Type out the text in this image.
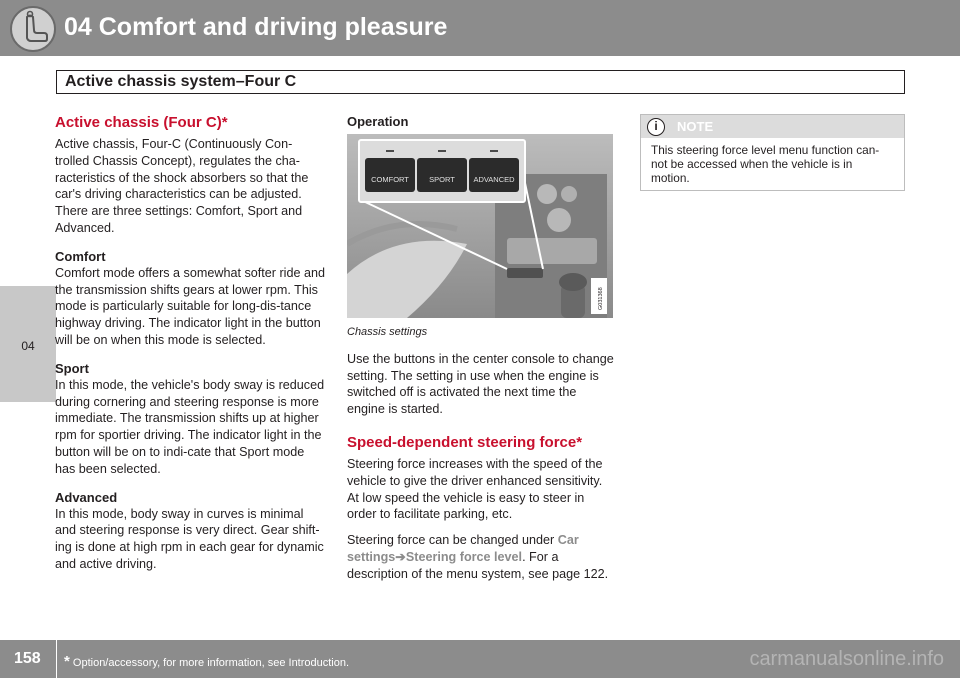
04 Comfort and driving pleasure
Active chassis system–Four C
04
Active chassis (Four C)*

Active chassis, Four-C (Continuously Con-trolled Chassis Concept), regulates the cha-racteristics of the shock absorbers so that the car's driving characteristics can be adjusted. There are three settings: Comfort, Sport and Advanced.

Comfort

Comfort mode offers a somewhat softer ride and the transmission shifts gears at lower rpm. This mode is particularly suitable for long-dis-tance highway driving. The indicator light in the button will be on when this mode is selected.

Sport

In this mode, the vehicle's body sway is reduced during cornering and steering response is more immediate. The transmission shifts up at higher rpm for sportier driving. The indicator light in the button will be on to indi-cate that Sport mode has been selected.

Advanced

In this mode, body sway in curves is minimal and steering response is very direct. Gear shift-ing is done at high rpm in each gear for dynamic and active driving.

Operation
COMFORT	SPORT ADVANCED
G031368

Chassis settings

Use the buttons in the center console to change setting. The setting in use when the engine is switched off is activated the next time the engine is started.

Speed-dependent steering force*

Steering force increases with the speed of the vehicle to give the driver enhanced sensitivity. At low speed the vehicle is easy to steer in order to facilitate parking, etc.

Steering force can be changed under Car settings➔Steering force level. For a description of the menu system, see page 122.

i	NOTE

This steering force level menu function can-not be accessed when the vehicle is in motion.

158 * Option/accessory, for more information, see Introduction.	carmanualsonline.info
